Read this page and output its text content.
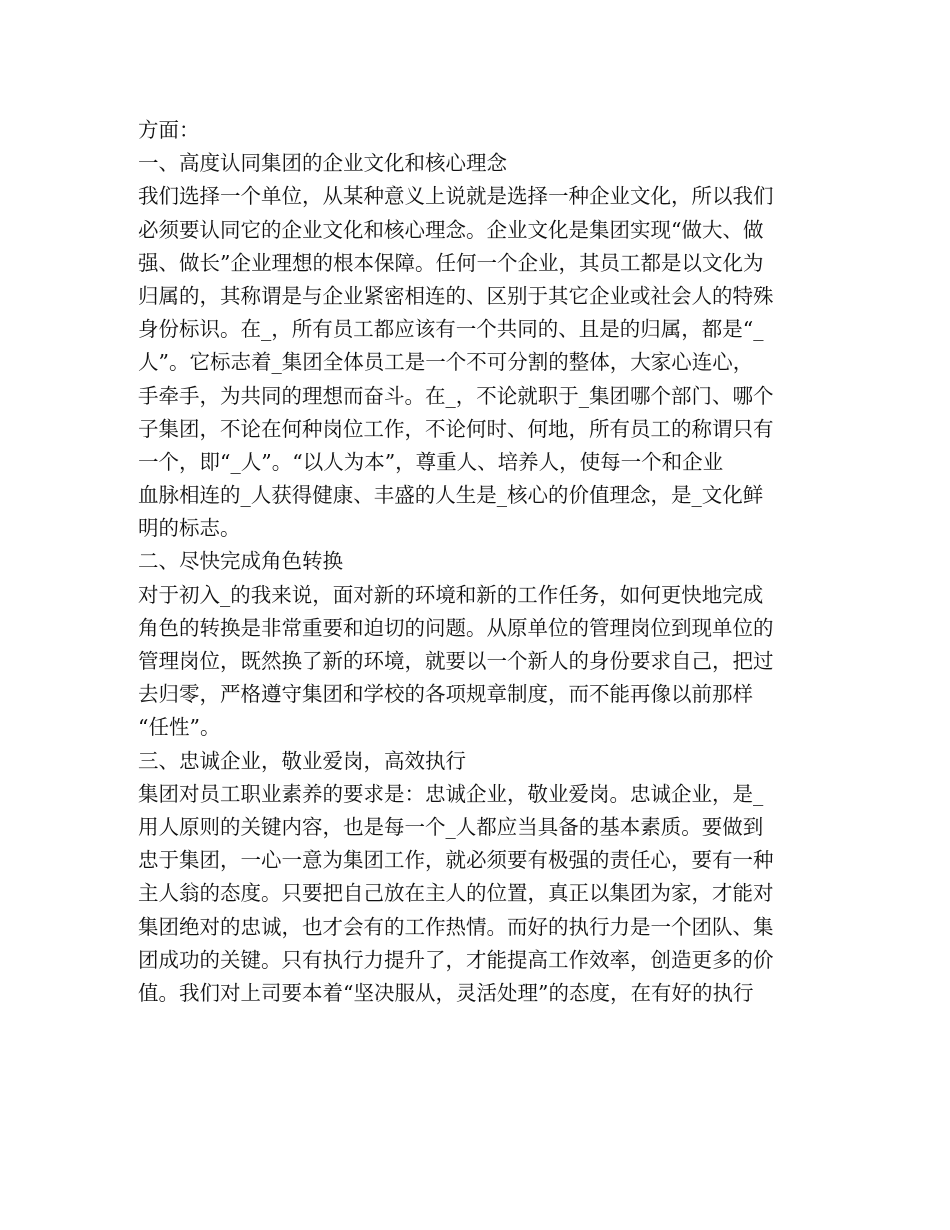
方面：
一、高度认同集团的企业文化和核心理念
我们选择一个单位，从某种意义上说就是选择一种企业文化，所以我们
必须要认同它的企业文化和核心理念。企业文化是集团实现“做大、做
强、做长”企业理想的根本保障。任何一个企业，其员工都是以文化为
归属的，其称谓是与企业紧密相连的、区别于其它企业或社会人的特殊
身份标识。在_，所有员工都应该有一个共同的、且是的归属，都是“_
人”。它标志着_集团全体员工是一个不可分割的整体，大家心连心，
手牵手，为共同的理想而奋斗。在_，不论就职于_集团哪个部门、哪个
子集团，不论在何种岗位工作，不论何时、何地，所有员工的称谓只有
一个，即“_人”。“以人为本”，尊重人、培养人，使每一个和企业
血脉相连的_人获得健康、丰盛的人生是_核心的价值理念，是_文化鲜
明的标志。
二、尽快完成角色转换
对于初入_的我来说，面对新的环境和新的工作任务，如何更快地完成
角色的转换是非常重要和迫切的问题。从原单位的管理岗位到现单位的
管理岗位，既然换了新的环境，就要以一个新人的身份要求自己，把过
去归零，严格遵守集团和学校的各项规章制度，而不能再像以前那样
“任性”。
三、忠诚企业，敬业爱岗，高效执行
集团对员工职业素养的要求是：忠诚企业，敬业爱岗。忠诚企业，是_
用人原则的关键内容，也是每一个_人都应当具备的基本素质。要做到
忠于集团，一心一意为集团工作，就必须要有极强的责任心，要有一种
主人翁的态度。只要把自己放在主人的位置，真正以集团为家，才能对
集团绝对的忠诚，也才会有的工作热情。而好的执行力是一个团队、集
团成功的关键。只有执行力提升了，才能提高工作效率，创造更多的价
值。我们对上司要本着“坚决服从，灵活处理”的态度，在有好的执行
